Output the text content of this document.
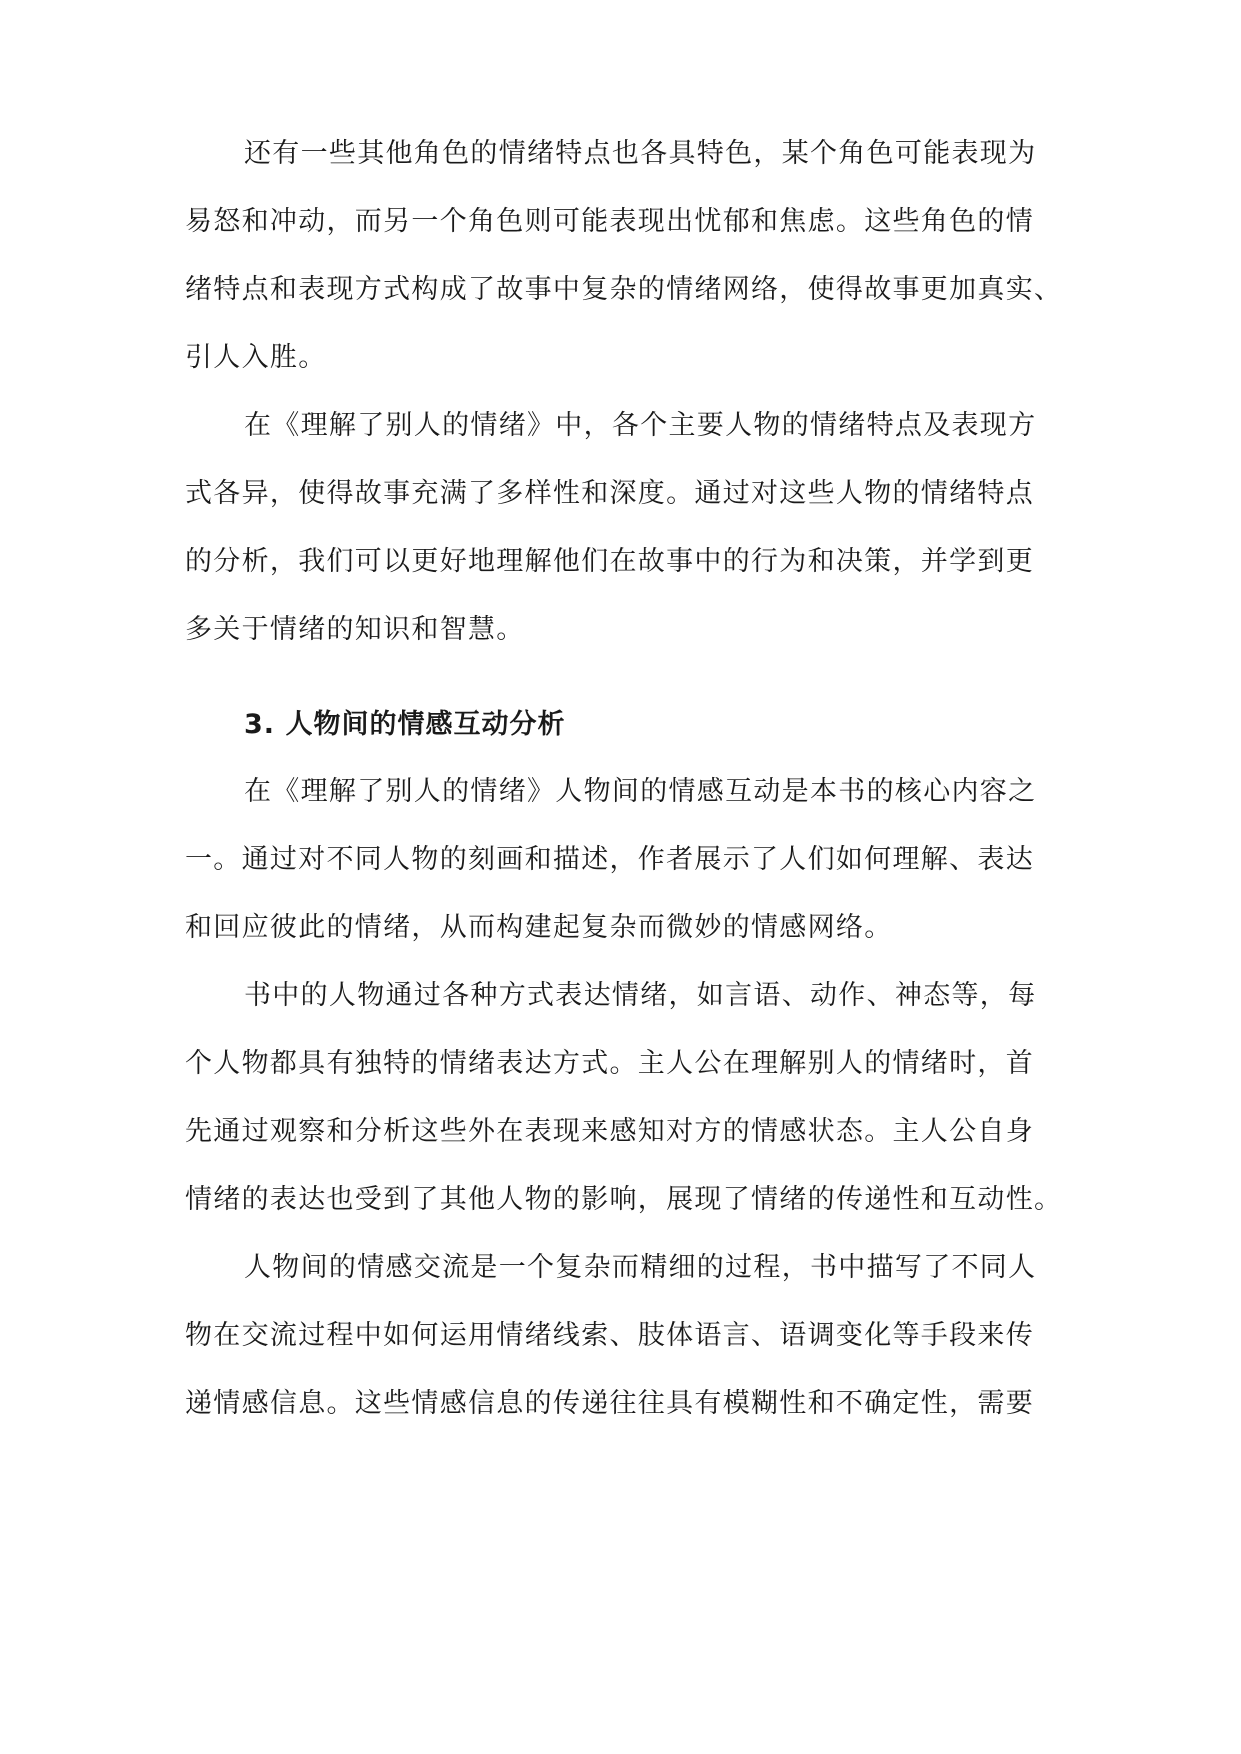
还有一些其他角色的情绪特点也各具特色，某个角色可能表现为
易怒和冲动，而另一个角色则可能表现出忧郁和焦虑。这些角色的情
绪特点和表现方式构成了故事中复杂的情绪网络，使得故事更加真实、
引人入胜。
在《理解了别人的情绪》中，各个主要人物的情绪特点及表现方
式各异，使得故事充满了多样性和深度。通过对这些人物的情绪特点
的分析，我们可以更好地理解他们在故事中的行为和决策，并学到更
多关于情绪的知识和智慧。
3. 人物间的情感互动分析
在《理解了别人的情绪》人物间的情感互动是本书的核心内容之
一。通过对不同人物的刻画和描述，作者展示了人们如何理解、表达
和回应彼此的情绪，从而构建起复杂而微妙的情感网络。
书中的人物通过各种方式表达情绪，如言语、动作、神态等，每
个人物都具有独特的情绪表达方式。主人公在理解别人的情绪时，首
先通过观察和分析这些外在表现来感知对方的情感状态。主人公自身
情绪的表达也受到了其他人物的影响，展现了情绪的传递性和互动性。
人物间的情感交流是一个复杂而精细的过程，书中描写了不同人
物在交流过程中如何运用情绪线索、肢体语言、语调变化等手段来传
递情感信息。这些情感信息的传递往往具有模糊性和不确定性，需要
